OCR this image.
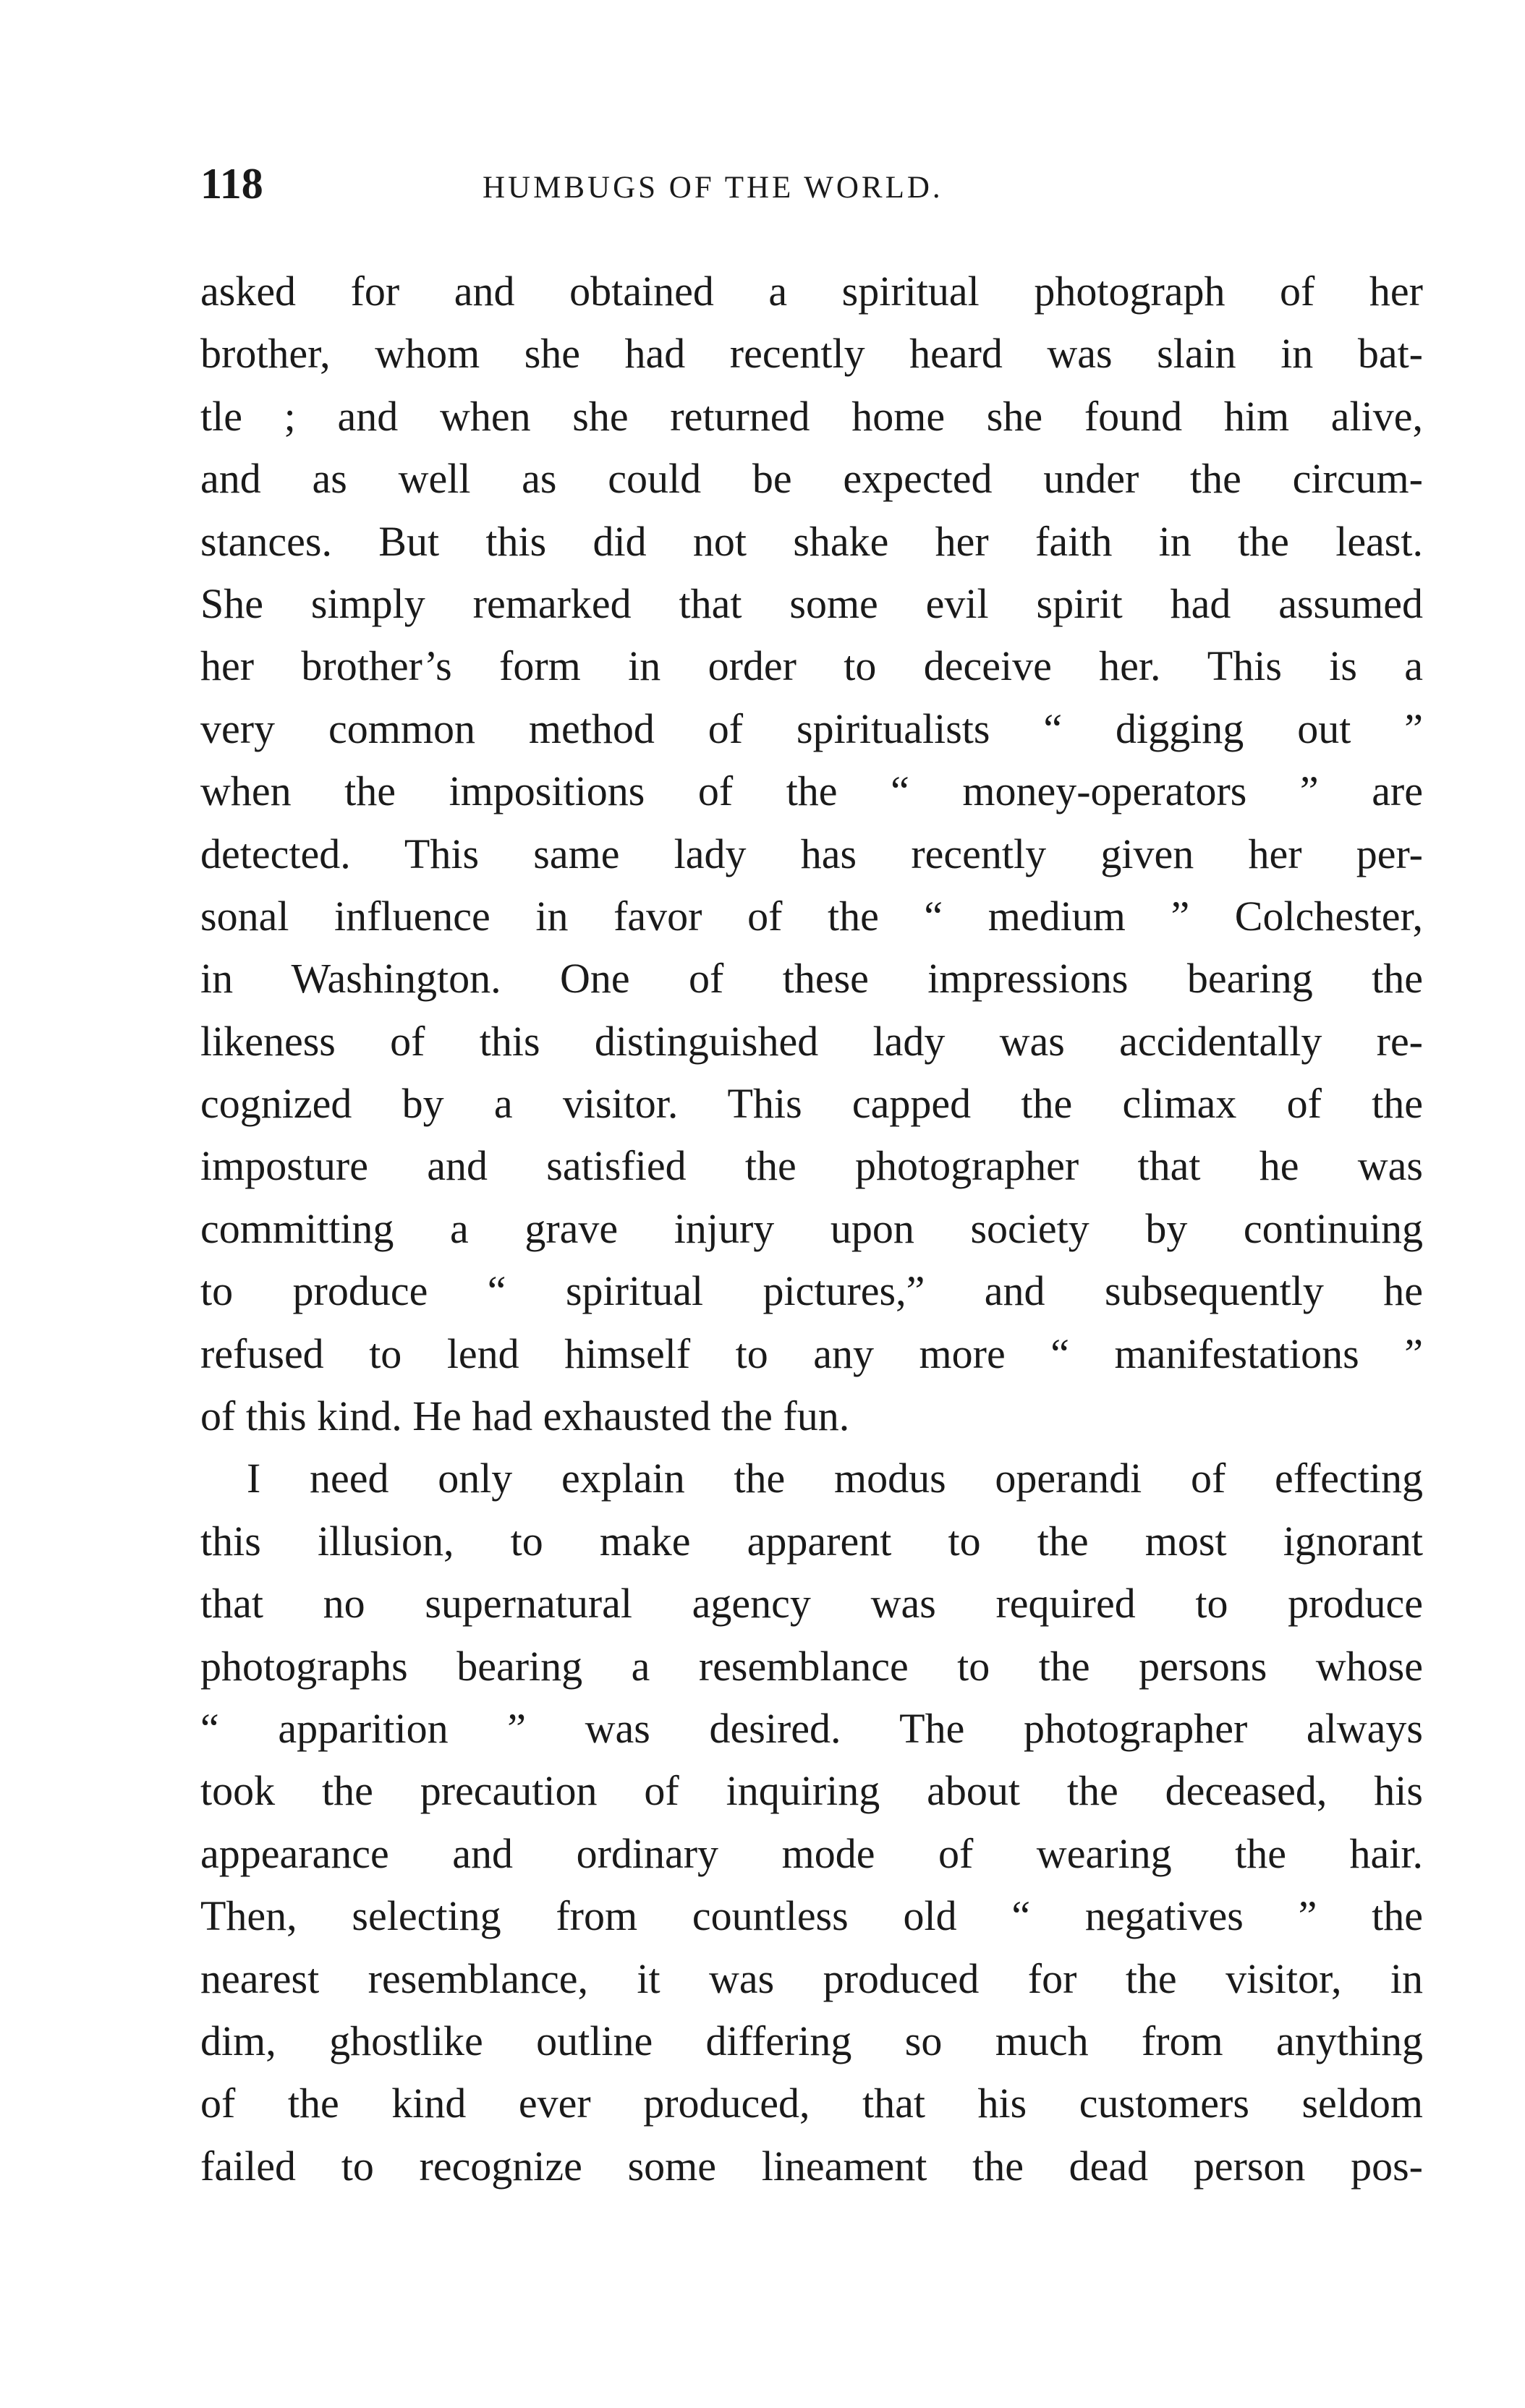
118	HUMBUGS OF THE WORLD.
asked for and obtained a spiritual photograph of her
brother, whom she had recently heard was slain in bat-
tle ; and when she returned home she found him alive,
and as well as could be expected under the circum-
stances. But this did not shake her faith in the least.
She simply remarked that some evil spirit had assumed
her brother’s form in order to deceive her. This is a
very common method of spiritualists “ digging out ”
when the impositions of the “ money-operators ” are
detected. This same lady has recently given her per-
sonal influence in favor of the “ medium ” Colchester,
in Washington. One of these impressions bearing the
likeness of this distinguished lady was accidentally re-
cognized by a visitor. This capped the climax of the
imposture and satisfied the photographer that he was
committing a grave injury upon society by continuing
to produce “ spiritual pictures,” and subsequently he
refused to lend himself to any more “ manifestations ”
of this kind. He had exhausted the fun.
I need only explain the modus operandi of effecting
this illusion, to make apparent to the most ignorant
that no supernatural agency was required to produce
photographs bearing a resemblance to the persons whose
“ apparition ” was desired. The photographer always
took the precaution of inquiring about the deceased, his
appearance and ordinary mode of wearing the hair.
Then, selecting from countless old “ negatives ” the
nearest resemblance, it was produced for the visitor, in
dim, ghostlike outline differing so much from anything
of the kind ever produced, that his customers seldom
failed to recognize some lineament the dead person pos-
